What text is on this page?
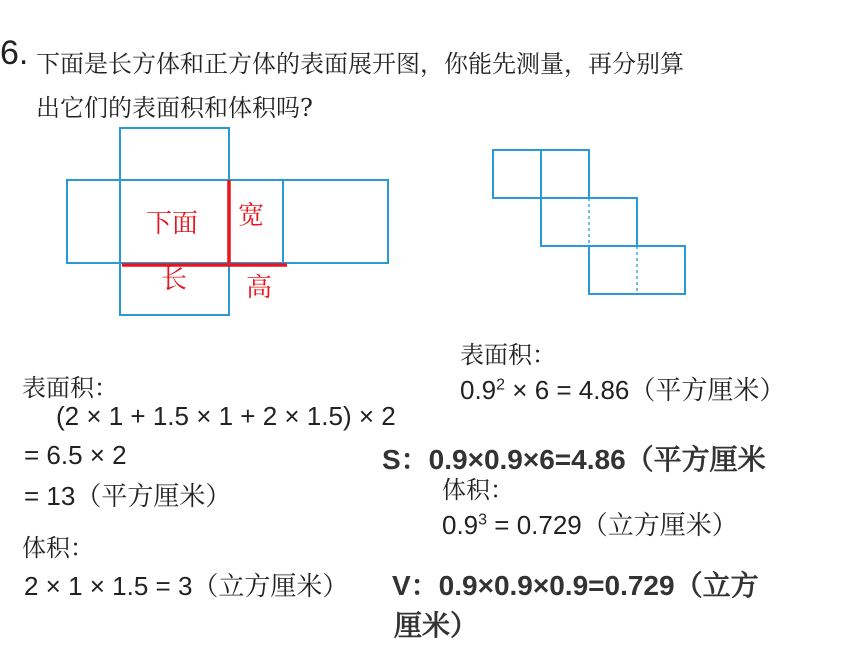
6. 下面是长方体和正方体的表面展开图，你能先测量，再分别算
出它们的表面积和体积吗?
下面 宽
长 高
表面积：
(2 × 1 + 1.5 × 1 + 2 × 1.5) × 2
= 6.5 × 2
= 13（平方厘米）
体积：
2 × 1 × 1.5 = 3（立方厘米）
表面积：
$0.9^2 \times 6 = 4.86$（平方厘米）
S：0.9×0.9×6=4.86（平方厘米
体积：
$0.9^3 = 0.729$（立方厘米）
V：0.9×0.9×0.9=0.729（立方
厘米）
